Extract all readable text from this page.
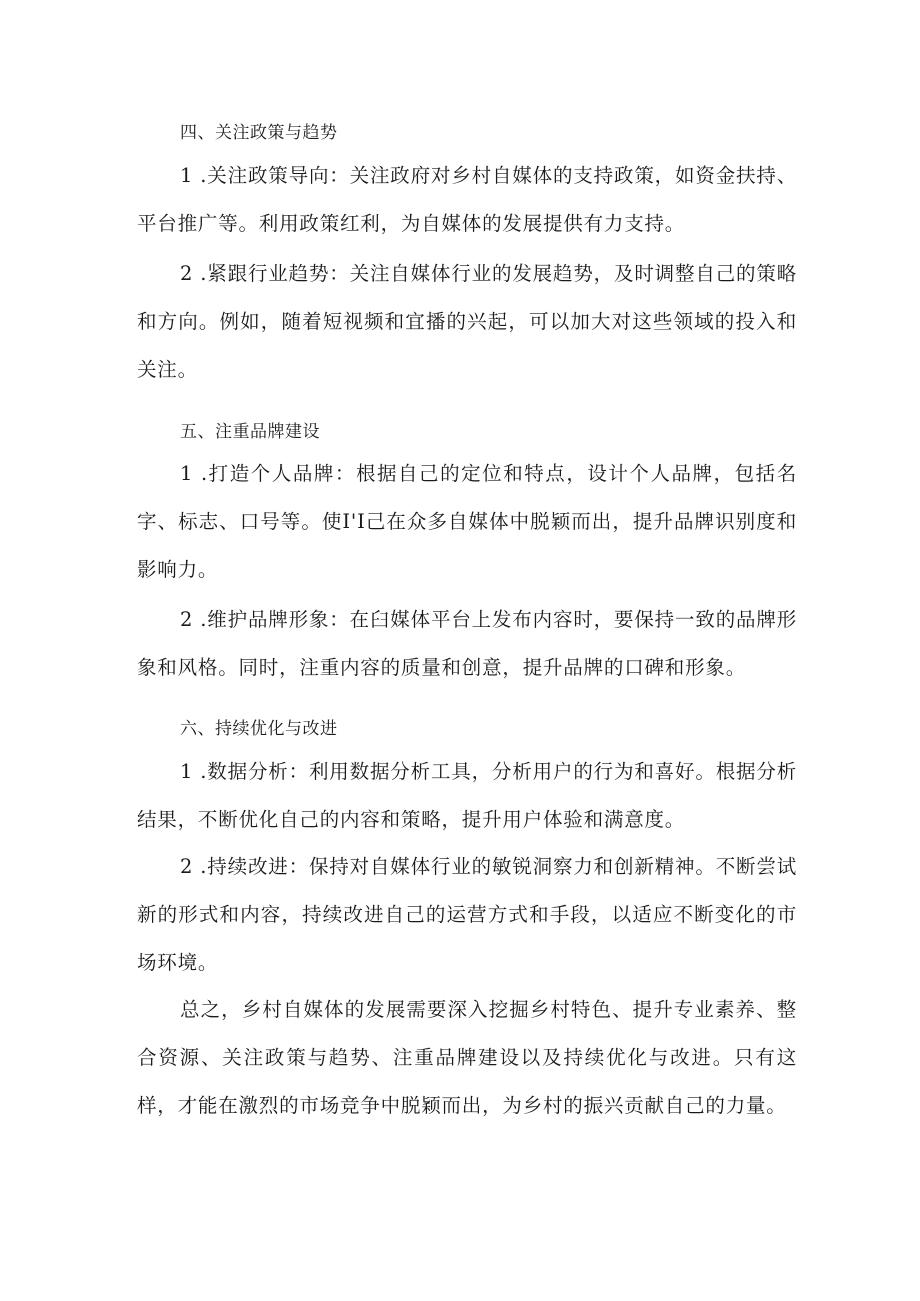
四、关注政策与趋势

1 .关注政策导向：关注政府对乡村自媒体的支持政策，如资金扶持、平台推广等。利用政策红利，为自媒体的发展提供有力支持。

2 .紧跟行业趋势：关注自媒体行业的发展趋势，及时调整自己的策略和方向。例如，随着短视频和宜播的兴起，可以加大对这些领域的投入和关注。

五、注重品牌建设

1 .打造个人品牌：根据自己的定位和特点，设计个人品牌，包括名字、标志、口号等。使I'I己在众多自媒体中脱颖而出，提升品牌识别度和影响力。

2 .维护品牌形象：在臼媒体平台上发布内容时，要保持一致的品牌形象和风格。同时，注重内容的质量和创意，提升品牌的口碑和形象。

六、持续优化与改进

1 .数据分析：利用数据分析工具，分析用户的行为和喜好。根据分析结果，不断优化自己的内容和策略，提升用户体验和满意度。

2 .持续改进：保持对自媒体行业的敏锐洞察力和创新精神。不断尝试新的形式和内容，持续改进自己的运营方式和手段，以适应不断变化的市场环境。

总之，乡村自媒体的发展需要深入挖掘乡村特色、提升专业素养、整合资源、关注政策与趋势、注重品牌建设以及持续优化与改进。只有这样，才能在激烈的市场竞争中脱颖而出，为乡村的振兴贡献自己的力量。
